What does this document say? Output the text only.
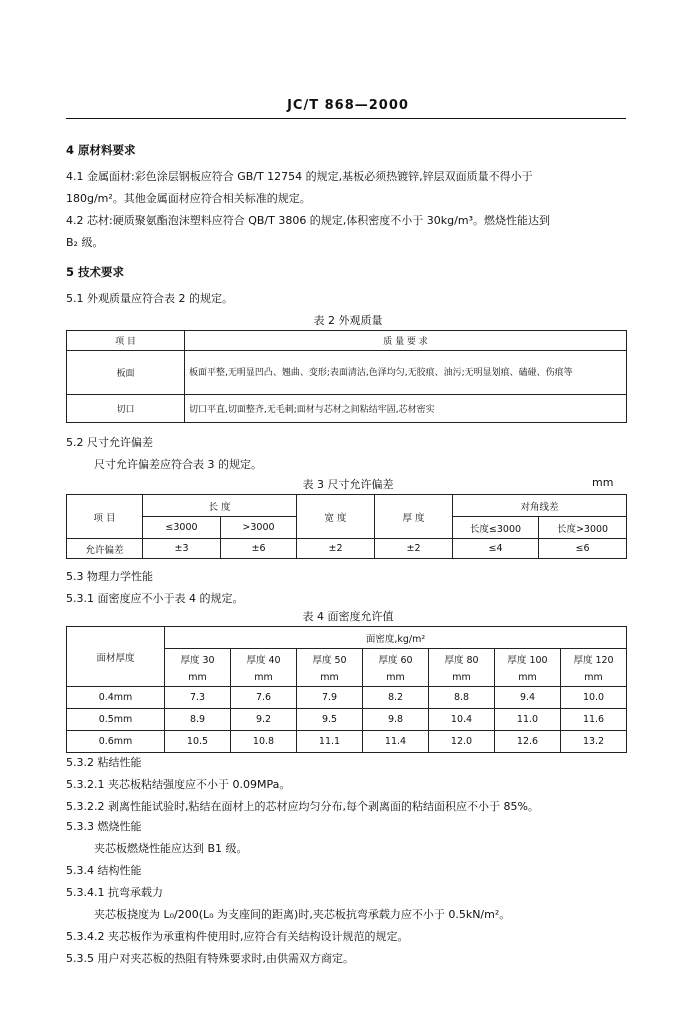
JC/T 868—2000
4 原材料要求
4.1 金属面材:彩色涂层钢板应符合 GB/T 12754 的规定,基板必须热镀锌,锌层双面质量不得小于
180g/m²。其他金属面材应符合相关标准的规定。
4.2 芯材:硬质聚氨酯泡沫塑料应符合 QB/T 3806 的规定,体积密度不小于 30kg/m³。燃烧性能达到
B₂ 级。
5 技术要求
5.1 外观质量应符合表 2 的规定。
表 2 外观质量
项 目	质 量 要 求
板面	板面平整,无明显凹凸、翘曲、变形;表面清洁,色泽均匀,无胶痕、油污;无明显划痕、磕碰、伤痕等
切口	切口平直,切面整齐,无毛刺;面材与芯材之间粘结牢固,芯材密实
5.2 尺寸允许偏差
尺寸允许偏差应符合表 3 的规定。
表 3 尺寸允许偏差	mm
项 目	长 度		宽 度	厚 度	对角线差	
	≤3000	>3000			长度≤3000	长度>3000
允许偏差	±3	±6	±2	±2	≤4	≤6
5.3 物理力学性能
5.3.1 面密度应不小于表 4 的规定。
表 4 面密度允许值
面材厚度	面密度,kg/m²						
	厚度 30	厚度 40	厚度 50	厚度 60	厚度 80	厚度 100	厚度 120
	mm	mm	mm	mm	mm	mm	mm
0.4mm	7.3	7.6	7.9	8.2	8.8	9.4	10.0
0.5mm	8.9	9.2	9.5	9.8	10.4	11.0	11.6
0.6mm	10.5	10.8	11.1	11.4	12.0	12.6	13.2
5.3.2 粘结性能
5.3.2.1 夹芯板粘结强度应不小于 0.09MPa。
5.3.2.2 剥离性能试验时,粘结在面材上的芯材应均匀分布,每个剥离面的粘结面积应不小于 85%。
5.3.3 燃烧性能
夹芯板燃烧性能应达到 B1 级。
5.3.4 结构性能
5.3.4.1 抗弯承载力
夹芯板挠度为 L₀/200(L₀ 为支座间的距离)时,夹芯板抗弯承载力应不小于 0.5kN/m²。
5.3.4.2 夹芯板作为承重构件使用时,应符合有关结构设计规范的规定。
5.3.5 用户对夹芯板的热阻有特殊要求时,由供需双方商定。
